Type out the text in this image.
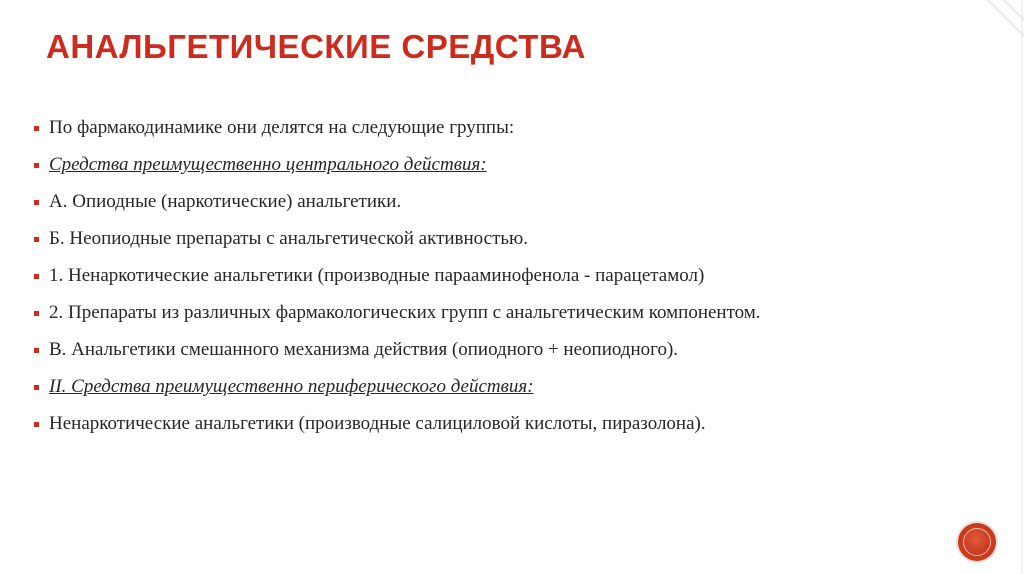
АНАЛЬГЕТИЧЕСКИЕ СРЕДСТВА
По фармакодинамике они делятся на следующие группы:
Средства преимущественно центрального действия:
А. Опиодные (наркотические) анальгетики.
Б. Неопиодные препараты с анальгетической активностью.
1. Ненаркотические анальгетики (производные парааминофенола - парацетамол)
2. Препараты из различных фармакологических групп с анальгетическим компонентом.
В. Анальгетики смешанного механизма действия (опиодного + неопиодного).
II. Средства преимущественно периферического действия:
Ненаркотические анальгетики (производные салициловой кислоты, пиразолона).
